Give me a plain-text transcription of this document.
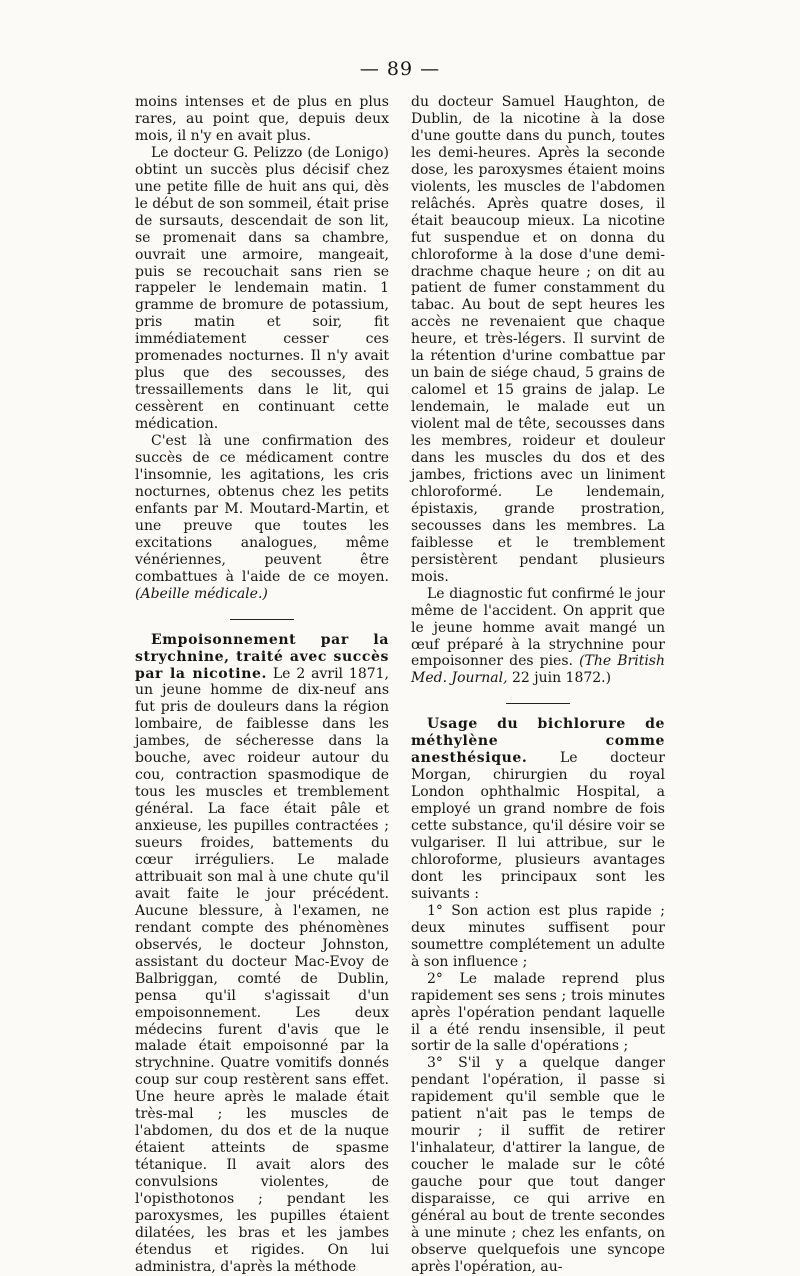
— 89 —

moins intenses et de plus en plus rares, au point que, depuis deux mois, il n'y en avait plus.

Le docteur G. Pelizzo (de Lonigo) obtint un succès plus décisif chez une petite fille de huit ans qui, dès le début de son sommeil, était prise de sursauts, descendait de son lit, se promenait dans sa chambre, ouvrait une armoire, mangeait, puis se recouchait sans rien se rappeler le lendemain matin. 1 gramme de bromure de potassium, pris matin et soir, fit immédiatement cesser ces promenades nocturnes. Il n'y avait plus que des secousses, des tressaillements dans le lit, qui cessèrent en continuant cette médication.

C'est là une confirmation des succès de ce médicament contre l'insomnie, les agitations, les cris nocturnes, obtenus chez les petits enfants par M. Moutard-Martin, et une preuve que toutes les excitations analogues, même vénériennes, peuvent être combattues à l'aide de ce moyen. (Abeille médicale.)

Empoisonnement par la strychnine, traité avec succès par la nicotine. Le 2 avril 1871, un jeune homme de dix-neuf ans fut pris de douleurs dans la région lombaire, de faiblesse dans les jambes, de sécheresse dans la bouche, avec roideur autour du cou, contraction spasmodique de tous les muscles et tremblement général. La face était pâle et anxieuse, les pupilles contractées ; sueurs froides, battements du cœur irréguliers. Le malade attribuait son mal à une chute qu'il avait faite le jour précédent. Aucune blessure, à l'examen, ne rendant compte des phénomènes observés, le docteur Johnston, assistant du docteur Mac-Evoy de Balbriggan, comté de Dublin, pensa qu'il s'agissait d'un empoisonnement. Les deux médecins furent d'avis que le malade était empoisonné par la strychnine. Quatre vomitifs donnés coup sur coup restèrent sans effet. Une heure après le malade était très-mal ; les muscles de l'abdomen, du dos et de la nuque étaient atteints de spasme tétanique. Il avait alors des convulsions violentes, de l'opisthotonos ; pendant les paroxysmes, les pupilles étaient dilatées, les bras et les jambes étendus et rigides. On lui administra, d'après la méthode

du docteur Samuel Haughton, de Dublin, de la nicotine à la dose d'une goutte dans du punch, toutes les demi-heures. Après la seconde dose, les paroxysmes étaient moins violents, les muscles de l'abdomen relâchés. Après quatre doses, il était beaucoup mieux. La nicotine fut suspendue et on donna du chloroforme à la dose d'une demi-drachme chaque heure ; on dit au patient de fumer constamment du tabac. Au bout de sept heures les accès ne revenaient que chaque heure, et très-légers. Il survint de la rétention d'urine combattue par un bain de siége chaud, 5 grains de calomel et 15 grains de jalap. Le lendemain, le malade eut un violent mal de tête, secousses dans les membres, roideur et douleur dans les muscles du dos et des jambes, frictions avec un liniment chloroformé. Le lendemain, épistaxis, grande prostration, secousses dans les membres. La faiblesse et le tremblement persistèrent pendant plusieurs mois.

Le diagnostic fut confirmé le jour même de l'accident. On apprit que le jeune homme avait mangé un œuf préparé à la strychnine pour empoisonner des pies. (The British Med. Journal, 22 juin 1872.)

Usage du bichlorure de méthylène comme anesthésique. Le docteur Morgan, chirurgien du royal London ophthalmic Hospital, a employé un grand nombre de fois cette substance, qu'il désire voir se vulgariser. Il lui attribue, sur le chloroforme, plusieurs avantages dont les principaux sont les suivants :

1° Son action est plus rapide ; deux minutes suffisent pour soumettre complétement un adulte à son influence ;

2° Le malade reprend plus rapidement ses sens ; trois minutes après l'opération pendant laquelle il a été rendu insensible, il peut sortir de la salle d'opérations ;

3° S'il y a quelque danger pendant l'opération, il passe si rapidement qu'il semble que le patient n'ait pas le temps de mourir ; il suffit de retirer l'inhalateur, d'attirer la langue, de coucher le malade sur le côté gauche pour que tout danger disparaisse, ce qui arrive en général au bout de trente secondes à une minute ; chez les enfants, on observe quelquefois une syncope après l'opération, au-
